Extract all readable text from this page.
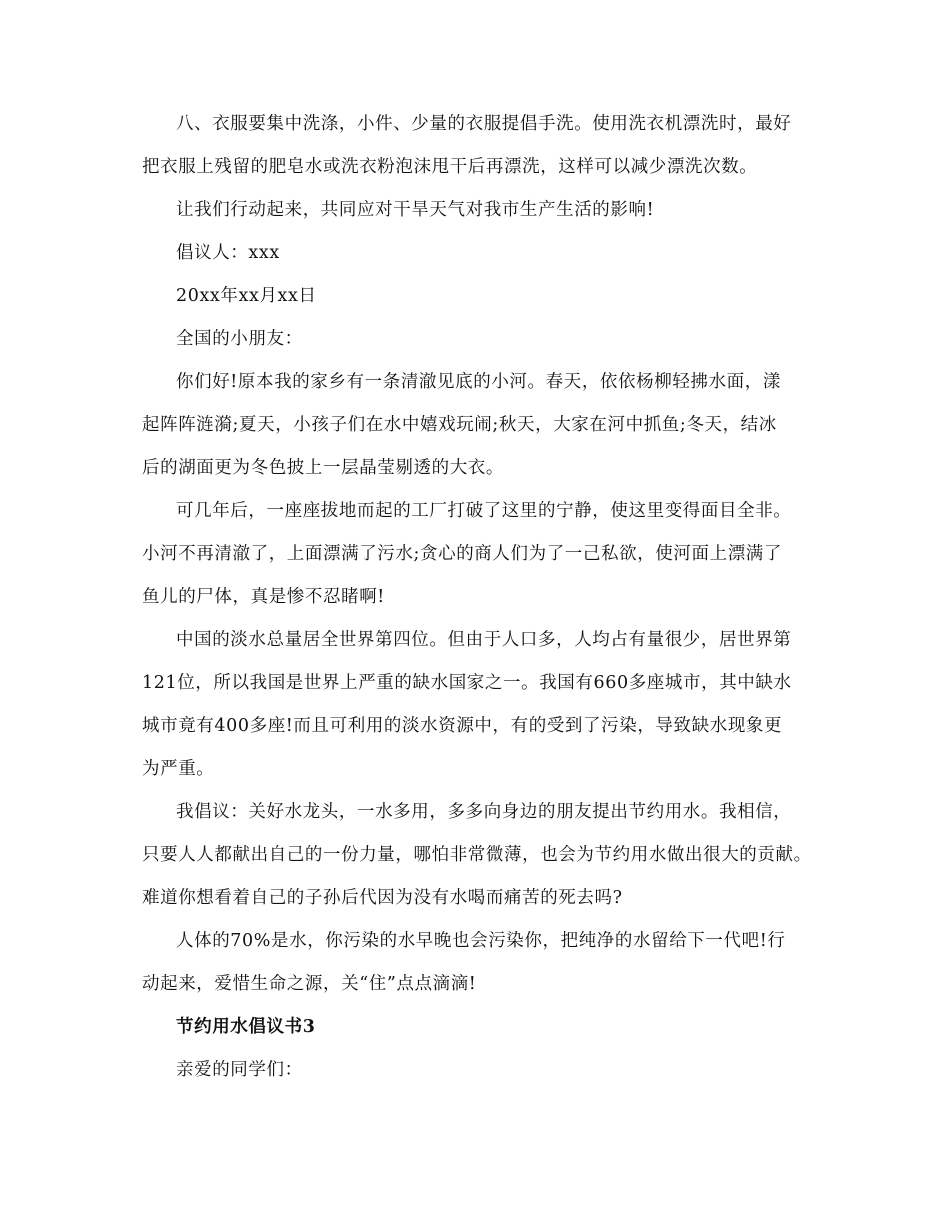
八、衣服要集中洗涤，小件、少量的衣服提倡手洗。使用洗衣机漂洗时，最好
把衣服上残留的肥皂水或洗衣粉泡沫甩干后再漂洗，这样可以减少漂洗次数。
让我们行动起来，共同应对干旱天气对我市生产生活的影响!
倡议人：xxx
20xx年xx月xx日
全国的小朋友：
你们好!原本我的家乡有一条清澈见底的小河。春天，依依杨柳轻拂水面，漾
起阵阵涟漪;夏天，小孩子们在水中嬉戏玩闹;秋天，大家在河中抓鱼;冬天，结冰
后的湖面更为冬色披上一层晶莹剔透的大衣。
可几年后，一座座拔地而起的工厂打破了这里的宁静，使这里变得面目全非。
小河不再清澈了，上面漂满了污水;贪心的商人们为了一己私欲，使河面上漂满了
鱼儿的尸体，真是惨不忍睹啊!
中国的淡水总量居全世界第四位。但由于人口多，人均占有量很少，居世界第
121位，所以我国是世界上严重的缺水国家之一。我国有660多座城市，其中缺水
城市竟有400多座!而且可利用的淡水资源中，有的受到了污染，导致缺水现象更
为严重。
我倡议：关好水龙头，一水多用，多多向身边的朋友提出节约用水。我相信，
只要人人都献出自己的一份力量，哪怕非常微薄，也会为节约用水做出很大的贡献。
难道你想看着自己的子孙后代因为没有水喝而痛苦的死去吗?
人体的70%是水，你污染的水早晚也会污染你，把纯净的水留给下一代吧!行
动起来，爱惜生命之源，关“住”点点滴滴!
节约用水倡议书3
亲爱的同学们：
